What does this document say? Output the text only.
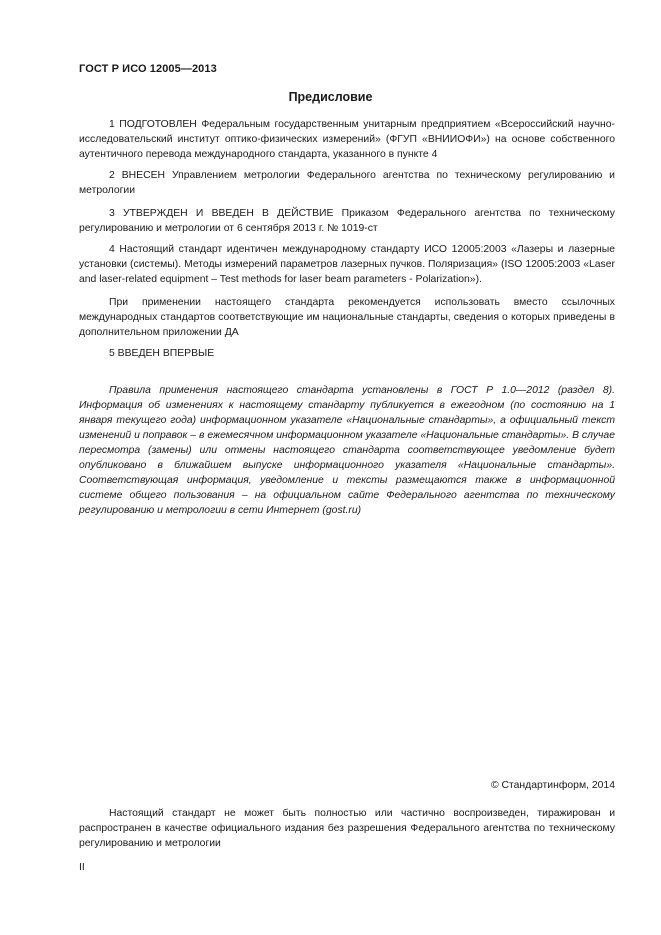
ГОСТ Р ИСО 12005—2013
Предисловие

1 ПОДГОТОВЛЕН Федеральным государственным унитарным предприятием «Всероссийский научно-исследовательский институт оптико-физических измерений» (ФГУП «ВНИИОФИ») на основе собственного аутентичного перевода международного стандарта, указанного в пункте 4

2 ВНЕСЕН Управлением метрологии Федерального агентства по техническому регулированию и метрологии

3 УТВЕРЖДЕН И ВВЕДЕН В ДЕЙСТВИЕ Приказом Федерального агентства по техническому регулированию и метрологии от 6 сентября 2013 г. № 1019-ст

4 Настоящий стандарт идентичен международному стандарту ИСО 12005:2003 «Лазеры и лазерные установки (системы). Методы измерений параметров лазерных пучков. Поляризация» (ISO 12005:2003 «Laser and laser-related equipment – Test methods for laser beam parameters - Polarization»).

При применении настоящего стандарта рекомендуется использовать вместо ссылочных международных стандартов соответствующие им национальные стандарты, сведения о которых приведены в дополнительном приложении ДА

5 ВВЕДЕН ВПЕРВЫЕ

Правила применения настоящего стандарта установлены в ГОСТ Р 1.0—2012 (раздел 8). Информация об изменениях к настоящему стандарту публикуется в ежегодном (по состоянию на 1 января текущего года) информационном указателе «Национальные стандарты», а официальный текст изменений и поправок – в ежемесячном информационном указателе «Национальные стандарты». В случае пересмотра (замены) или отмены настоящего стандарта соответствующее уведомление будет опубликовано в ближайшем выпуске информационного указателя «Национальные стандарты». Соответствующая информация, уведомление и тексты размещаются также в информационной системе общего пользования – на официальном сайте Федерального агентства по техническому регулированию и метрологии в сети Интернет (gost.ru)

© Стандартинформ, 2014

Настоящий стандарт не может быть полностью или частично воспроизведен, тиражирован и распространен в качестве официального издания без разрешения Федерального агентства по техническому регулированию и метрологии

II
